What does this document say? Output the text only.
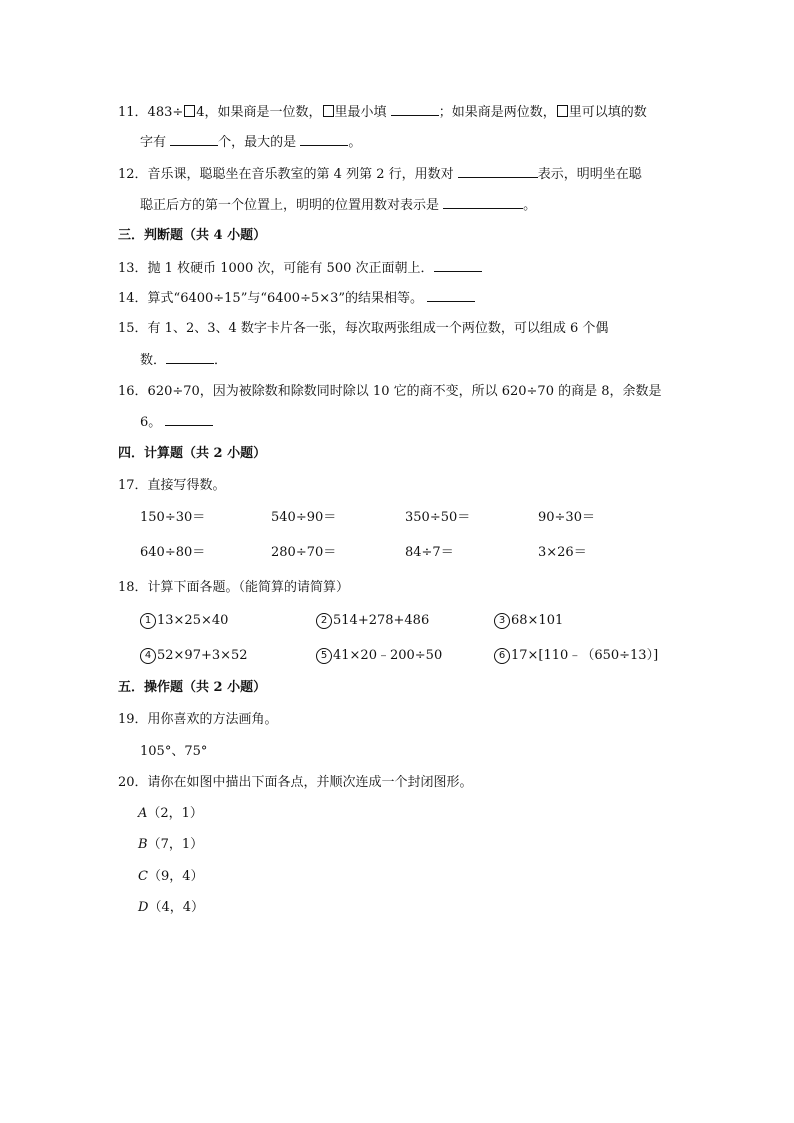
11．483÷ 4，如果商是一位数， 里最小填	；如果商是两位数， 里可以填的数
字有	个，最大的是	。
12．音乐课，聪聪坐在音乐教室的第 4 列第 2 行，用数对	表示，明明坐在聪
聪正后方的第一个位置上，明明的位置用数对表示是	。
三．判断题（共 4 小题）
13．抛 1 枚硬币 1000 次，可能有 500 次正面朝上．
14．算式“6400÷15”与“6400÷5×3”的结果相等。
15．有 1、2、3、4 数字卡片各一张，每次取两张组成一个两位数，可以组成 6 个偶
数．	．
16．620÷70，因为被除数和除数同时除以 10 它的商不变，所以 620÷70 的商是 8，余数是
6。
四．计算题（共 2 小题）
17．直接写得数。
150÷30＝	540÷90＝	350÷50＝	90÷30＝
640÷80＝	280÷70＝	84÷7＝	3×26＝
18．计算下面各题。（能简算的请简算）
1 13×25×40	2 514+278+486	3 68×101
4 52×97+3×52	5 41×20﹣200÷50	6 17×[110﹣（650÷13）]
五．操作题（共 2 小题）
19．用你喜欢的方法画角。
105°、75°
20．请你在如图中描出下面各点，并顺次连成一个封闭图形。
A（2，1）
B（7，1）
C（9，4）
D（4，4）
